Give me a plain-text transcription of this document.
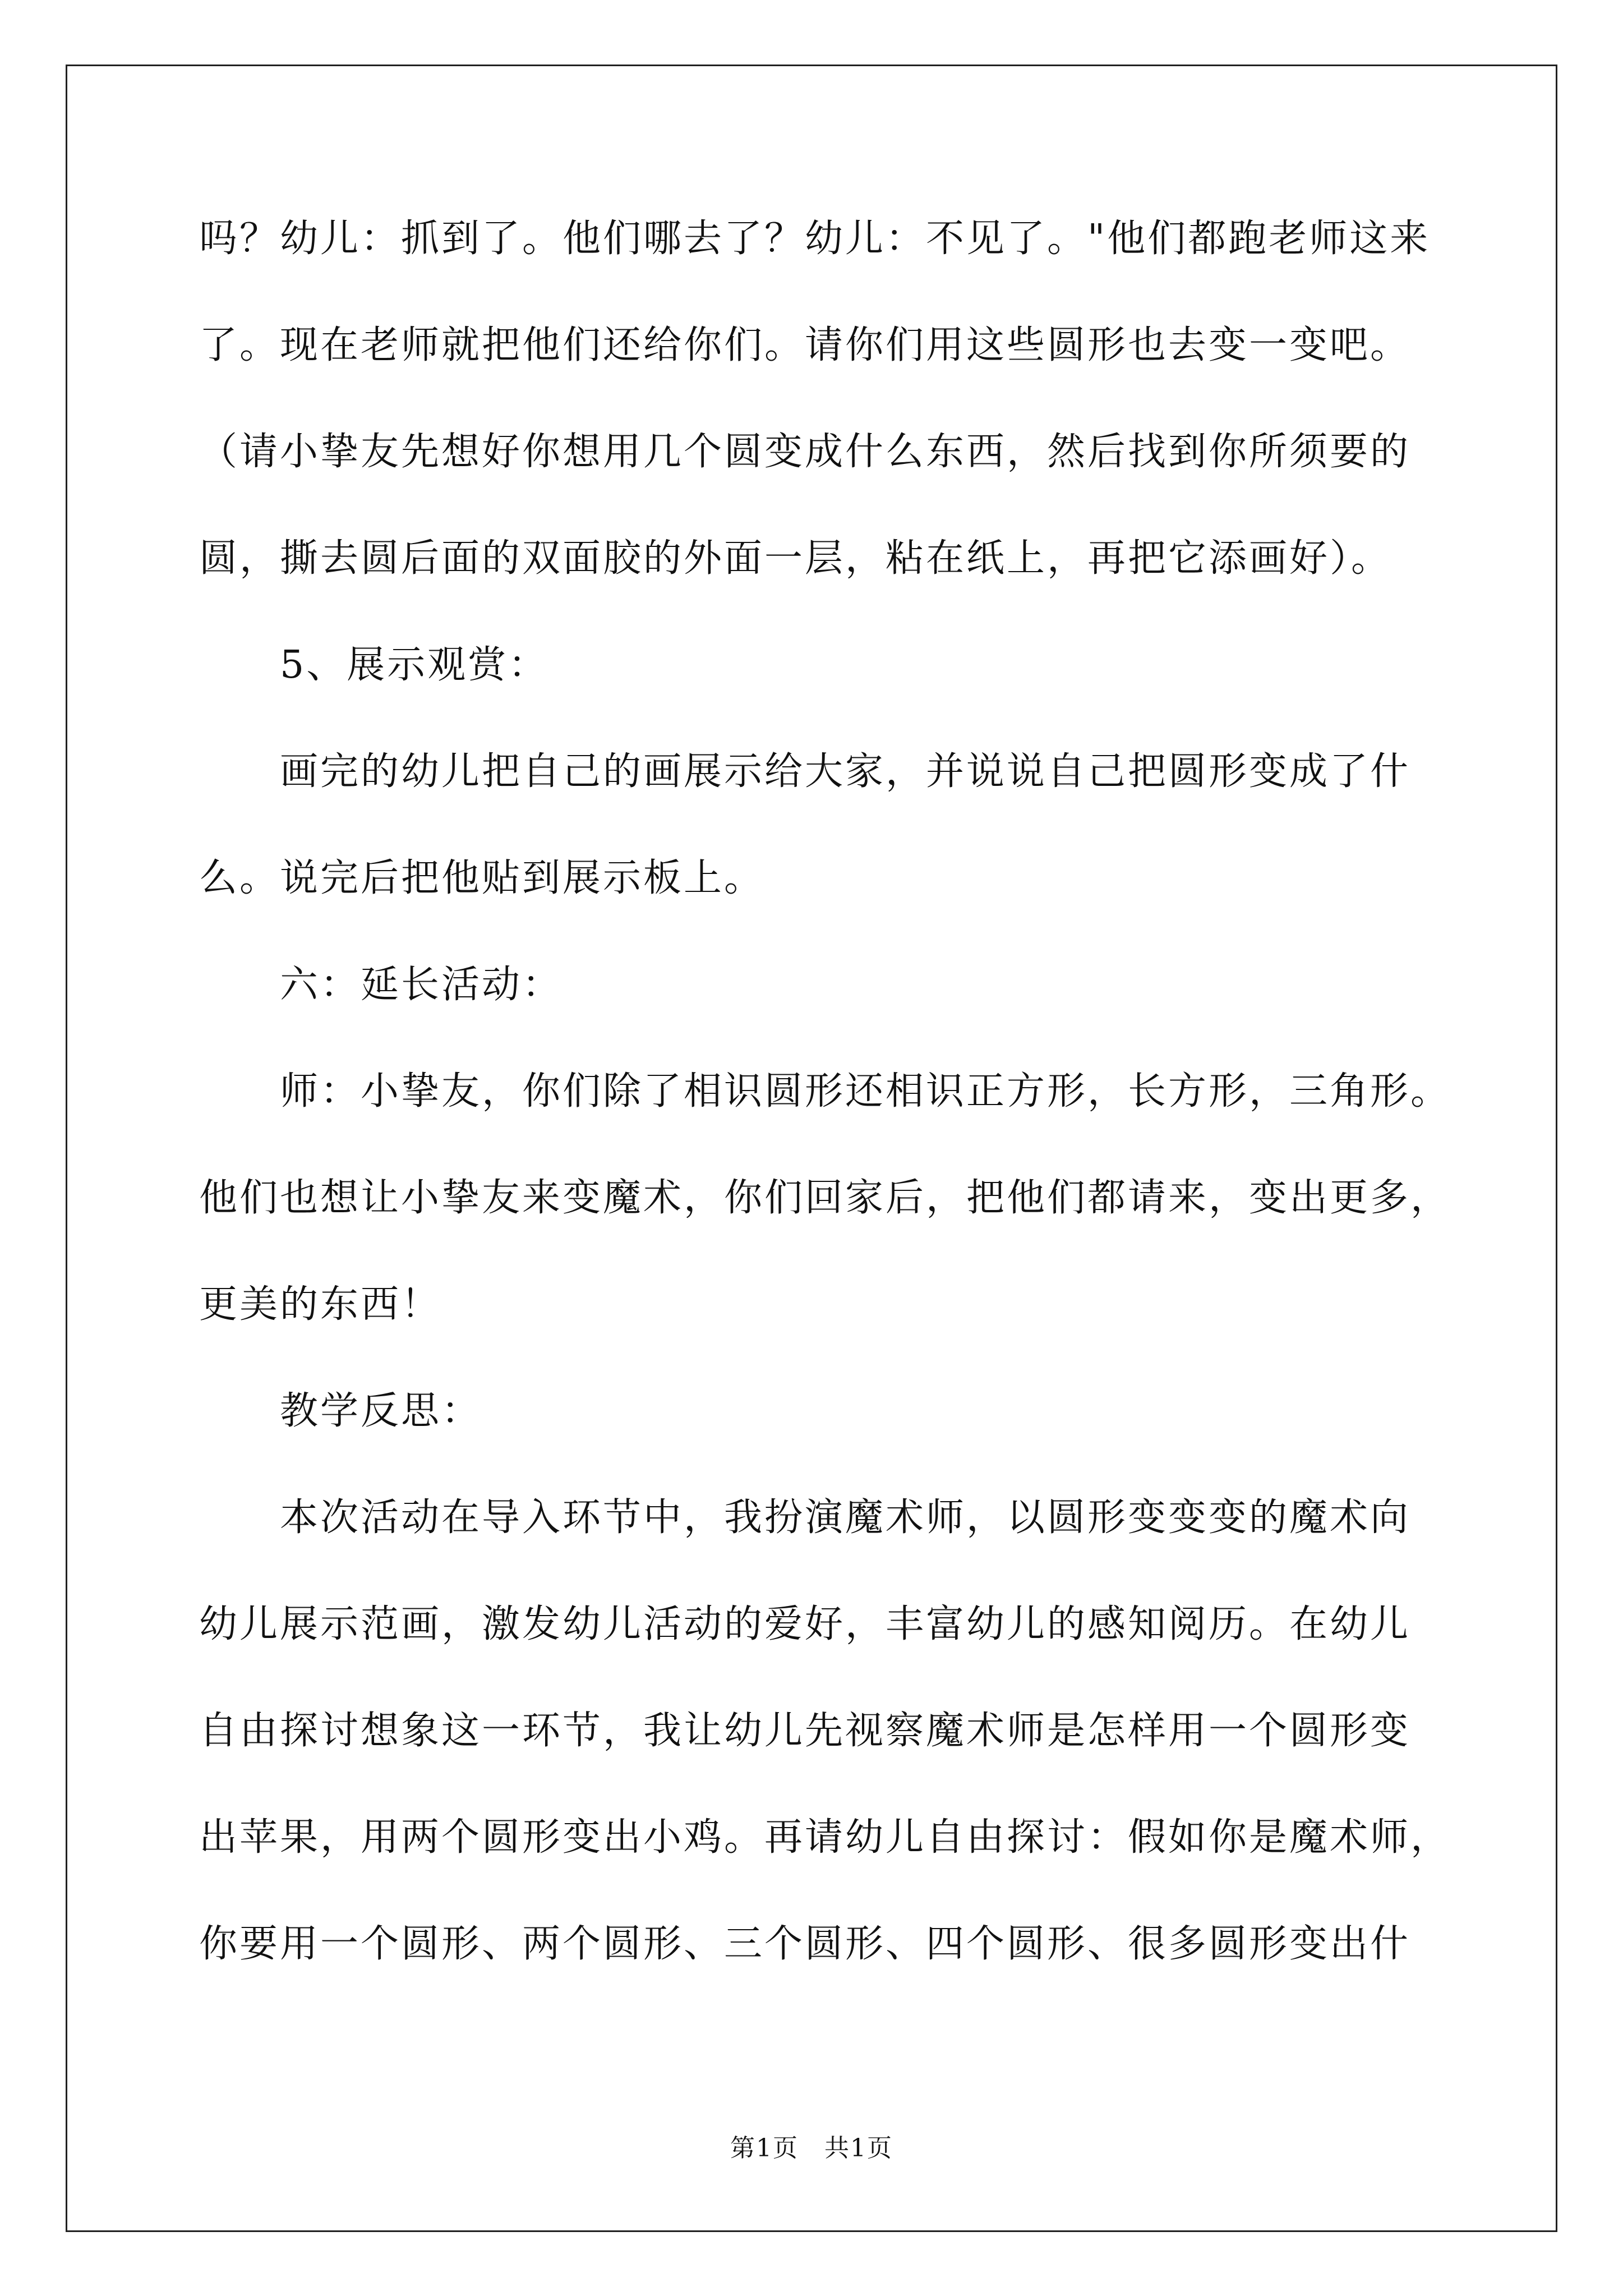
吗？幼儿：抓到了。他们哪去了？幼儿：不见了。"他们都跑老师这来
了。现在老师就把他们还给你们。请你们用这些圆形也去变一变吧。
（请小挚友先想好你想用几个圆变成什么东西，然后找到你所须要的
圆，撕去圆后面的双面胶的外面一层，粘在纸上，再把它添画好）。
5、展示观赏：
画完的幼儿把自己的画展示给大家，并说说自己把圆形变成了什
么。说完后把他贴到展示板上。
六：延长活动：
师：小挚友，你们除了相识圆形还相识正方形，长方形，三角形。
他们也想让小挚友来变魔术，你们回家后，把他们都请来，变出更多，
更美的东西！
教学反思：
本次活动在导入环节中，我扮演魔术师，以圆形变变变的魔术向
幼儿展示范画，激发幼儿活动的爱好，丰富幼儿的感知阅历。在幼儿
自由探讨想象这一环节，我让幼儿先视察魔术师是怎样用一个圆形变
出苹果，用两个圆形变出小鸡。再请幼儿自由探讨：假如你是魔术师，
你要用一个圆形、两个圆形、三个圆形、四个圆形、很多圆形变出什
第1页　共1页
